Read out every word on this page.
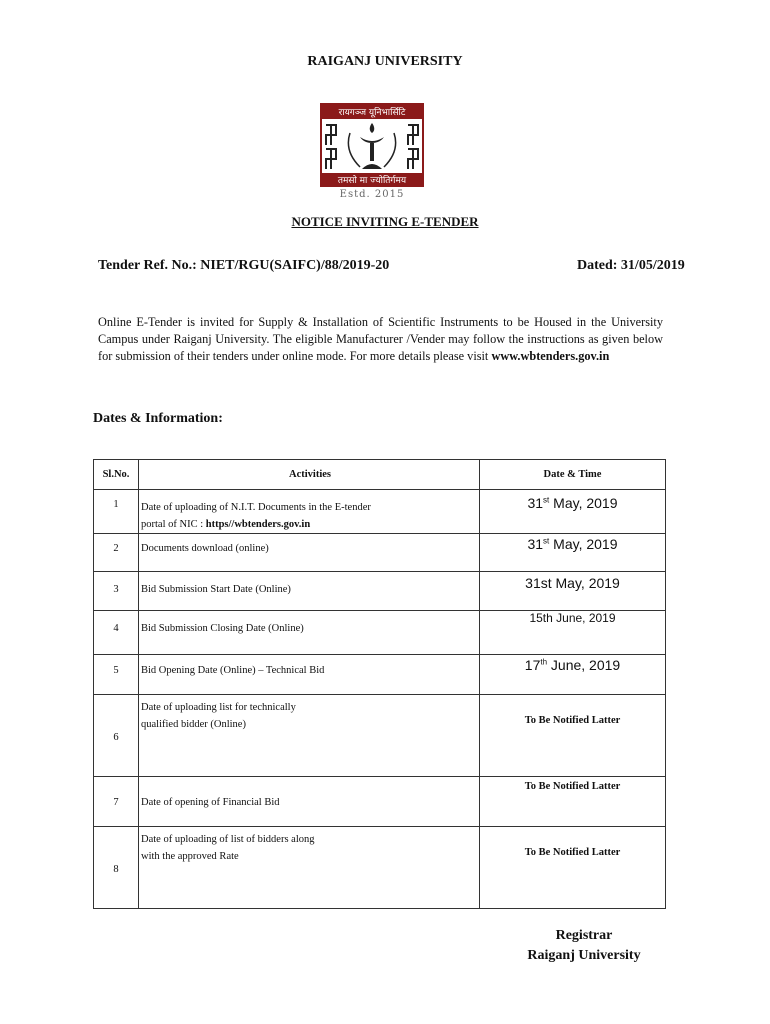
RAIGANJ UNIVERSITY
रायगञ्ज यूनिभार्सिटि
तमसो मा ज्योतिर्गमय
Estd. 2015
NOTICE INVITING E-TENDER
Tender Ref. No.: NIET/RGU(SAIFC)/88/2019-20	Dated: 31/05/2019
Online E-Tender is invited for Supply & Installation of Scientific Instruments to be Housed in the University Campus under Raiganj University. The eligible Manufacturer /Vender may follow the instructions as given below for submission of their tenders under online mode. For more details please visit www.wbtenders.gov.in
Dates & Information:
Sl.No.	Activities	Date & Time
1	Date of uploading of N.I.T. Documents in the E-tender
portal of NIC : https//wbtenders.gov.in	31st May, 2019
2	Documents download (online)	31st May, 2019
3	Bid Submission Start Date (Online)	31st May, 2019
4	Bid Submission Closing Date (Online)	15th June, 2019
5	Bid Opening Date (Online) – Technical Bid	17th June, 2019
6	Date of uploading list for technically
qualified bidder (Online)	To Be Notified Latter
7	Date of opening of Financial Bid	To Be Notified Latter
8	Date of uploading of list of bidders along
with the approved Rate	To Be Notified Latter
Registrar
Raiganj University
